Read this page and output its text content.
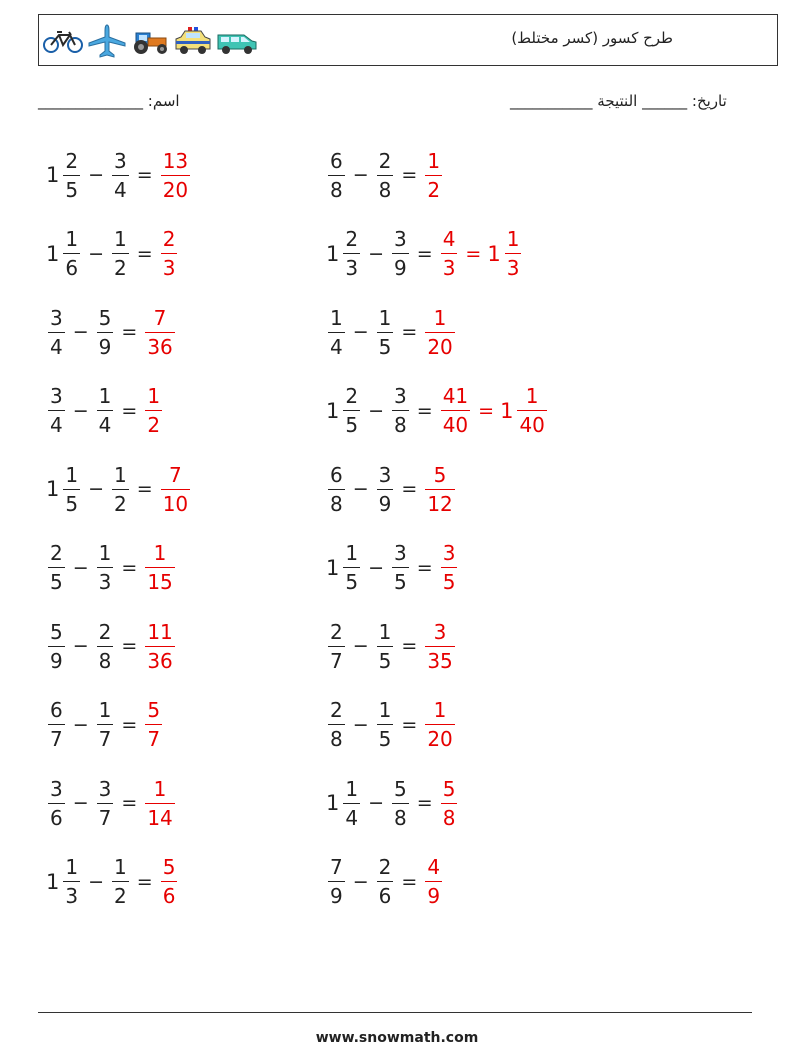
طرح كسور (كسر مختلط)
اسم: ______________	تاريخ: ______ النتيجة ___________
$1 \frac{2}{5} - \frac{3}{4} = \frac{13}{20}$	$\frac{6}{8} - \frac{2}{8} = \frac{1}{2}$
$1 \frac{1}{6} - \frac{1}{2} = \frac{2}{3}$	$1 \frac{2}{3} - \frac{3}{9} = \frac{4}{3} = 1 \frac{1}{3}$
$\frac{3}{4} - \frac{5}{9} = \frac{7}{36}$	$\frac{1}{4} - \frac{1}{5} = \frac{1}{20}$
$\frac{3}{4} - \frac{1}{4} = \frac{1}{2}$	$1 \frac{2}{5} - \frac{3}{8} = \frac{41}{40} = 1 \frac{1}{40}$
$1 \frac{1}{5} - \frac{1}{2} = \frac{7}{10}$	$\frac{6}{8} - \frac{3}{9} = \frac{5}{12}$
$\frac{2}{5} - \frac{1}{3} = \frac{1}{15}$	$1 \frac{1}{5} - \frac{3}{5} = \frac{3}{5}$
$\frac{5}{9} - \frac{2}{8} = \frac{11}{36}$	$\frac{2}{7} - \frac{1}{5} = \frac{3}{35}$
$\frac{6}{7} - \frac{1}{7} = \frac{5}{7}$	$\frac{2}{8} - \frac{1}{5} = \frac{1}{20}$
$\frac{3}{6} - \frac{3}{7} = \frac{1}{14}$	$1 \frac{1}{4} - \frac{5}{8} = \frac{5}{8}$
$1 \frac{1}{3} - \frac{1}{2} = \frac{5}{6}$	$\frac{7}{9} - \frac{2}{6} = \frac{4}{9}$
www.snowmath.com
